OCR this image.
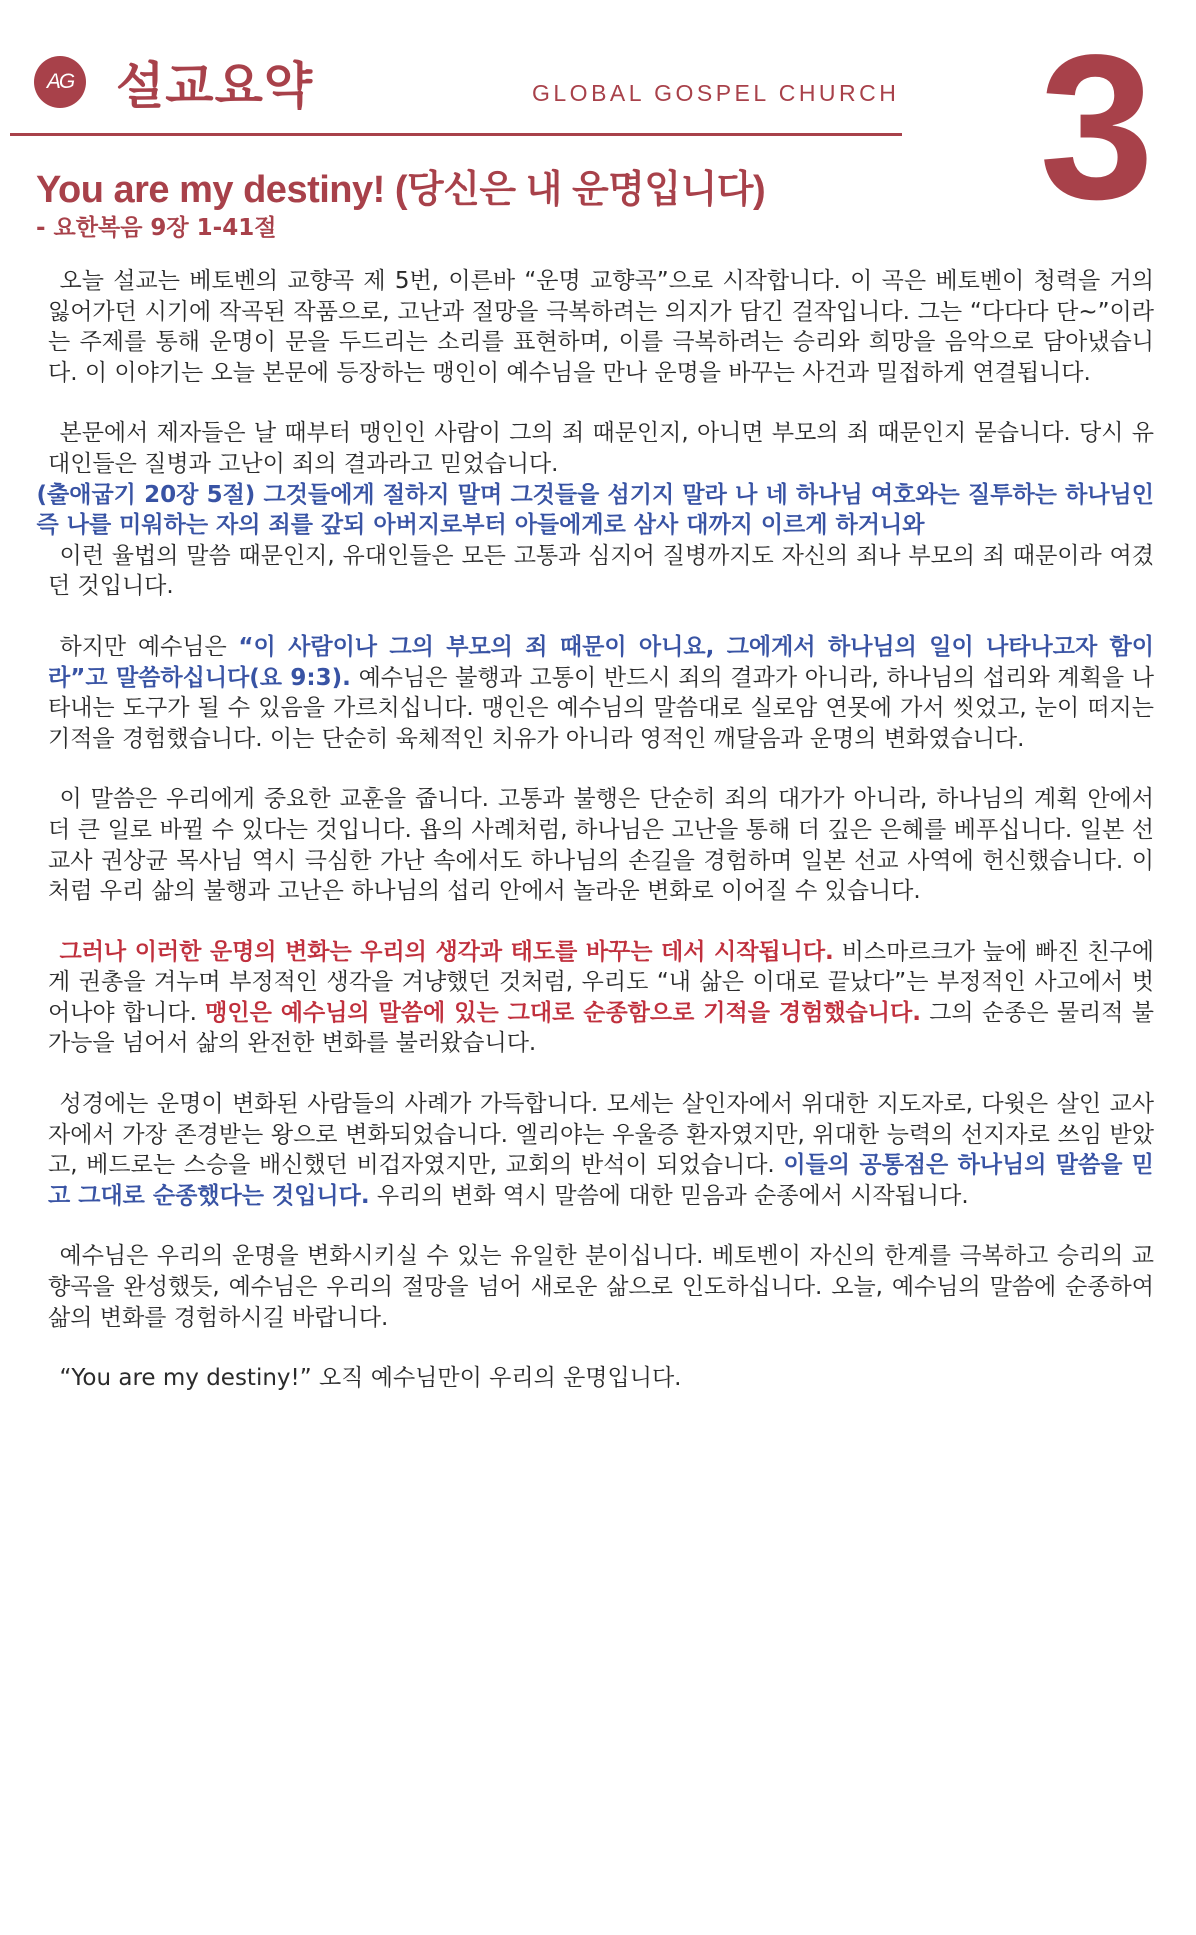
AG 설교요약	GLOBAL GOSPEL CHURCH 3
You are my destiny! (당신은 내 운명입니다)
- 요한복음 9장 1-41절

오늘 설교는 베토벤의 교향곡 제 5번, 이른바 “운명 교향곡”으로 시작합니다. 이 곡은 베토벤이 청력을 거의 잃어가던 시기에 작곡된 작품으로, 고난과 절망을 극복하려는 의지가 담긴 걸작입니다. 그는 “다다다 단~”이라는 주제를 통해 운명이 문을 두드리는 소리를 표현하며, 이를 극복하려는 승리와 희망을 음악으로 담아냈습니다. 이 이야기는 오늘 본문에 등장하는 맹인이 예수님을 만나 운명을 바꾸는 사건과 밀접하게 연결됩니다.

본문에서 제자들은 날 때부터 맹인인 사람이 그의 죄 때문인지, 아니면 부모의 죄 때문인지 묻습니다. 당시 유대인들은 질병과 고난이 죄의 결과라고 믿었습니다.
(출애굽기 20장 5절) 그것들에게 절하지 말며 그것들을 섬기지 말라 나 네 하나님 여호와는 질투하는 하나님인즉 나를 미워하는 자의 죄를 갚되 아버지로부터 아들에게로 삼사 대까지 이르게 하거니와
이런 율법의 말씀 때문인지, 유대인들은 모든 고통과 심지어 질병까지도 자신의 죄나 부모의 죄 때문이라 여겼던 것입니다.

하지만 예수님은 “이 사람이나 그의 부모의 죄 때문이 아니요, 그에게서 하나님의 일이 나타나고자 함이라”고 말씀하십니다(요 9:3). 예수님은 불행과 고통이 반드시 죄의 결과가 아니라, 하나님의 섭리와 계획을 나타내는 도구가 될 수 있음을 가르치십니다. 맹인은 예수님의 말씀대로 실로암 연못에 가서 씻었고, 눈이 떠지는 기적을 경험했습니다. 이는 단순히 육체적인 치유가 아니라 영적인 깨달음과 운명의 변화였습니다.

이 말씀은 우리에게 중요한 교훈을 줍니다. 고통과 불행은 단순히 죄의 대가가 아니라, 하나님의 계획 안에서 더 큰 일로 바뀔 수 있다는 것입니다. 욥의 사례처럼, 하나님은 고난을 통해 더 깊은 은혜를 베푸십니다. 일본 선교사 권상균 목사님 역시 극심한 가난 속에서도 하나님의 손길을 경험하며 일본 선교 사역에 헌신했습니다. 이처럼 우리 삶의 불행과 고난은 하나님의 섭리 안에서 놀라운 변화로 이어질 수 있습니다.

그러나 이러한 운명의 변화는 우리의 생각과 태도를 바꾸는 데서 시작됩니다. 비스마르크가 늪에 빠진 친구에게 권총을 겨누며 부정적인 생각을 겨냥했던 것처럼, 우리도 “내 삶은 이대로 끝났다”는 부정적인 사고에서 벗어나야 합니다. 맹인은 예수님의 말씀에 있는 그대로 순종함으로 기적을 경험했습니다. 그의 순종은 물리적 불가능을 넘어서 삶의 완전한 변화를 불러왔습니다.

성경에는 운명이 변화된 사람들의 사례가 가득합니다. 모세는 살인자에서 위대한 지도자로, 다윗은 살인 교사자에서 가장 존경받는 왕으로 변화되었습니다. 엘리야는 우울증 환자였지만, 위대한 능력의 선지자로 쓰임 받았고, 베드로는 스승을 배신했던 비겁자였지만, 교회의 반석이 되었습니다. 이들의 공통점은 하나님의 말씀을 믿고 그대로 순종했다는 것입니다. 우리의 변화 역시 말씀에 대한 믿음과 순종에서 시작됩니다.

예수님은 우리의 운명을 변화시키실 수 있는 유일한 분이십니다. 베토벤이 자신의 한계를 극복하고 승리의 교향곡을 완성했듯, 예수님은 우리의 절망을 넘어 새로운 삶으로 인도하십니다. 오늘, 예수님의 말씀에 순종하여 삶의 변화를 경험하시길 바랍니다.

“You are my destiny!” 오직 예수님만이 우리의 운명입니다.
